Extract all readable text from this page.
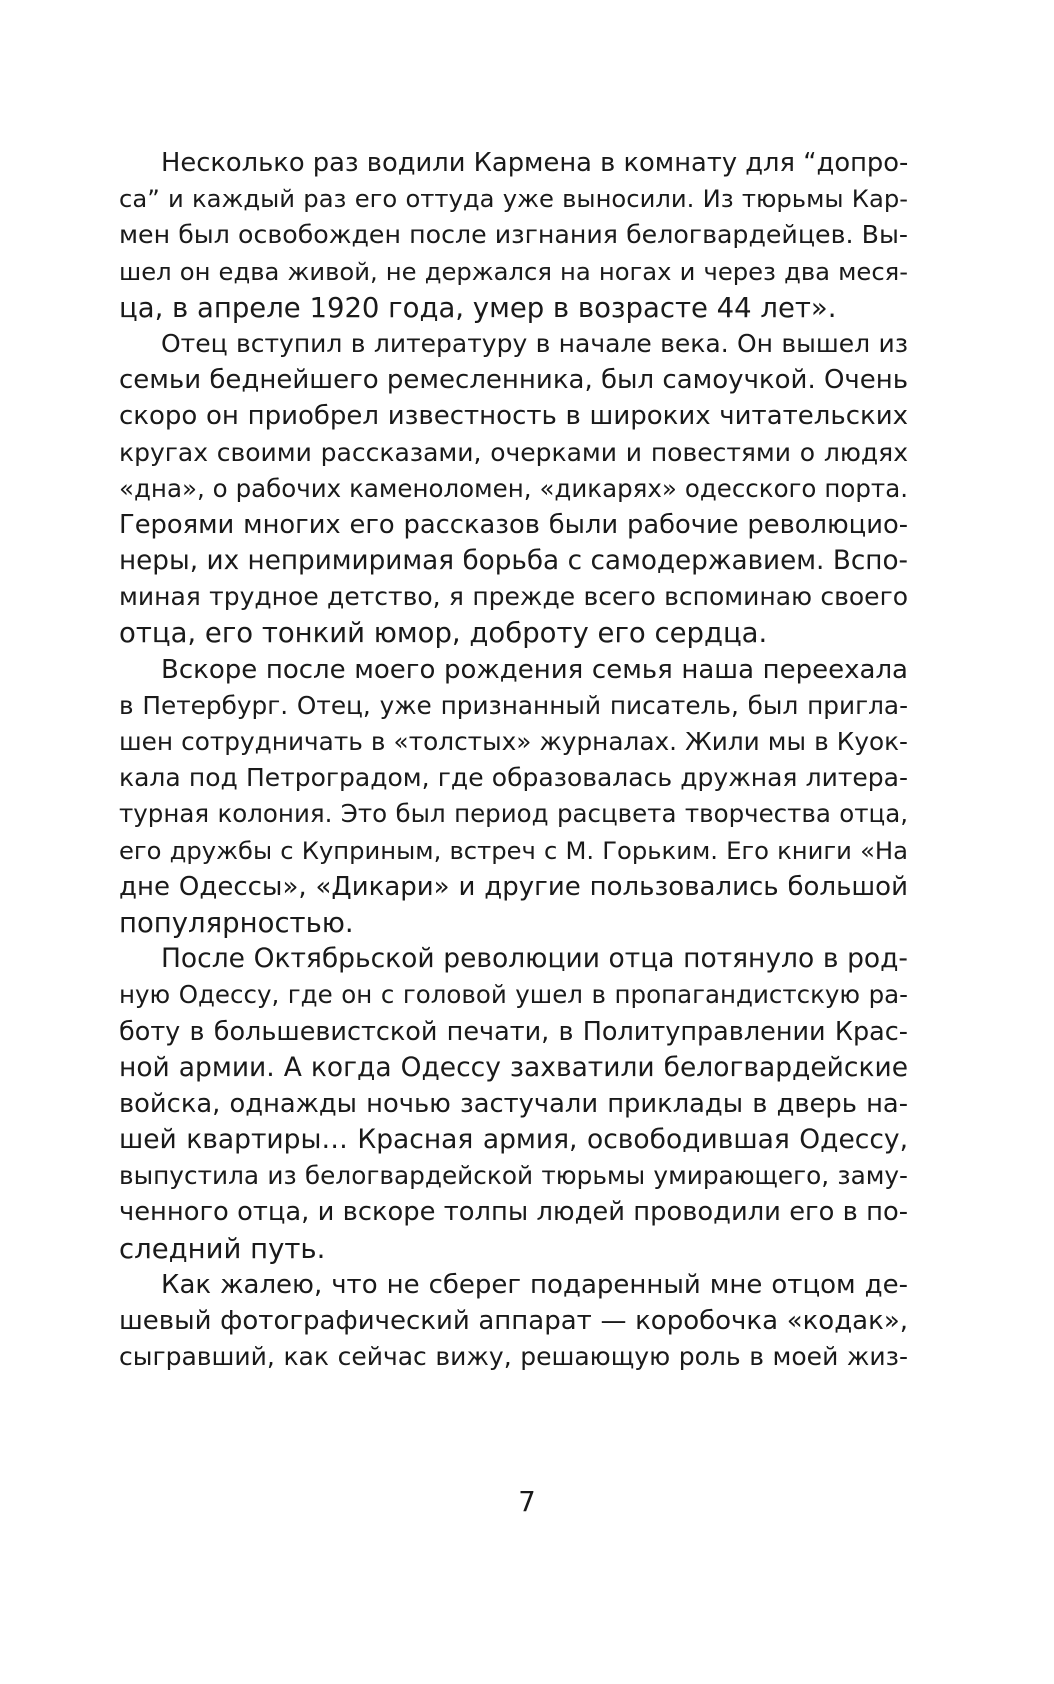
Несколько раз водили Кармена в комнату для “допро-
са” и каждый раз его оттуда уже выносили. Из тюрьмы Кар-
мен был освобожден после изгнания белогвардейцев. Вы-
шел он едва живой, не держался на ногах и через два меся-
ца, в апреле 1920 года, умер в возрасте 44 лет».
Отец вступил в литературу в начале века. Он вышел из
семьи беднейшего ремесленника, был самоучкой. Очень
скоро он приобрел известность в широких читательских
кругах своими рассказами, очерками и повестями о людях
«дна», о рабочих каменоломен, «дикарях» одесского порта.
Героями многих его рассказов были рабочие революцио-
неры, их непримиримая борьба с самодержавием. Вспо-
миная трудное детство, я прежде всего вспоминаю своего
отца, его тонкий юмор, доброту его сердца.
Вскоре после моего рождения семья наша переехала
в Петербург. Отец, уже признанный писатель, был пригла-
шен сотрудничать в «толстых» журналах. Жили мы в Куок-
кала под Петроградом, где образовалась дружная литера-
турная колония. Это был период расцвета творчества отца,
его дружбы с Куприным, встреч с М. Горьким. Его книги «На
дне Одессы», «Дикари» и другие пользовались большой
популярностью.
После Октябрьской революции отца потянуло в род-
ную Одессу, где он с головой ушел в пропагандистскую ра-
боту в большевистской печати, в Политуправлении Крас-
ной армии. А когда Одессу захватили белогвардейские
войска, однажды ночью застучали приклады в дверь на-
шей квартиры… Красная армия, освободившая Одессу,
выпустила из белогвардейской тюрьмы умирающего, заму-
ченного отца, и вскоре толпы людей проводили его в по-
следний путь.
Как жалею, что не сберег подаренный мне отцом де-
шевый фотографический аппарат — коробочка «кодак»,
сыгравший, как сейчас вижу, решающую роль в моей жиз-
7
